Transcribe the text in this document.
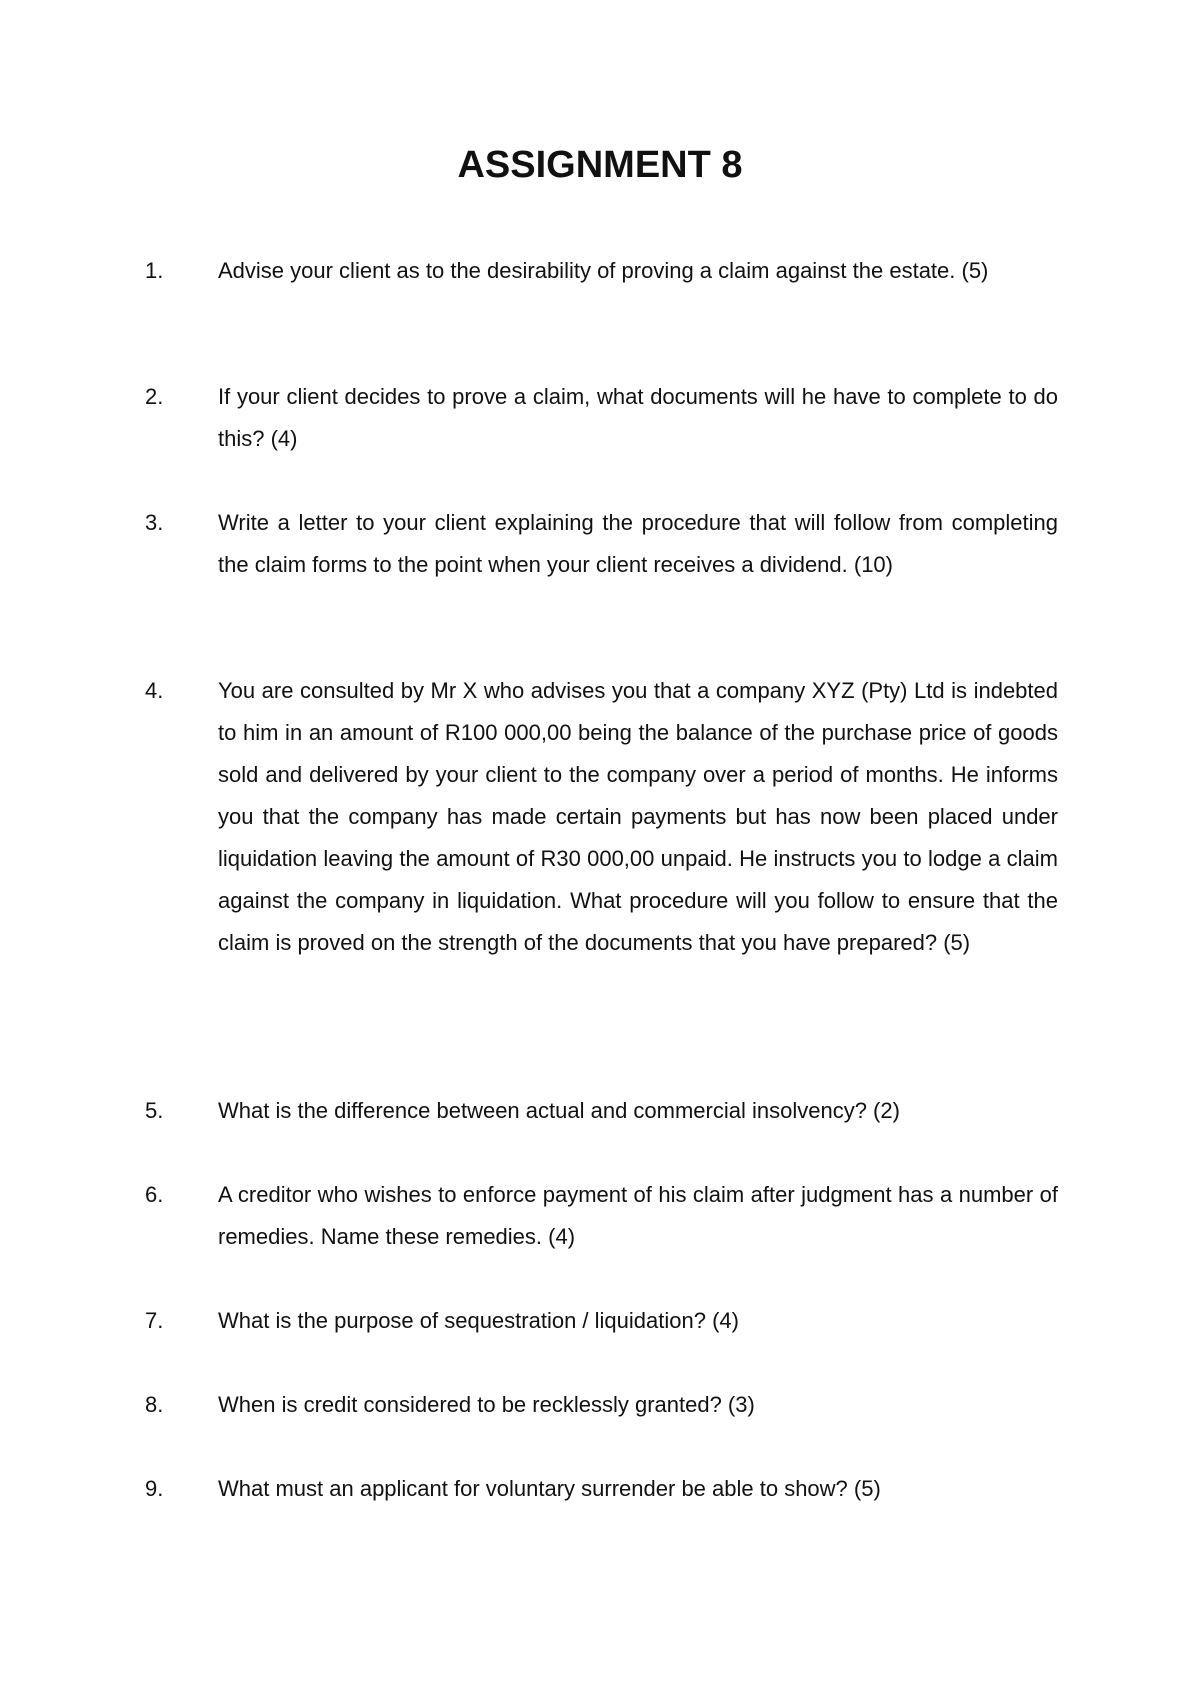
ASSIGNMENT 8
1. Advise your client as to the desirability of proving a claim against the estate. (5)

2. If your client decides to prove a claim, what documents will he have to complete to do this? (4)

3. Write a letter to your client explaining the procedure that will follow from completing the claim forms to the point when your client receives a dividend. (10)

4. You are consulted by Mr X who advises you that a company XYZ (Pty) Ltd is indebted to him in an amount of R100 000,00 being the balance of the purchase price of goods sold and delivered by your client to the company over a period of months. He informs you that the company has made certain payments but has now been placed under liquidation leaving the amount of R30 000,00 unpaid. He instructs you to lodge a claim against the company in liquidation. What procedure will you follow to ensure that the claim is proved on the strength of the documents that you have prepared? (5)

5. What is the difference between actual and commercial insolvency? (2)

6. A creditor who wishes to enforce payment of his claim after judgment has a number of remedies. Name these remedies. (4)

7. What is the purpose of sequestration / liquidation? (4)

8. When is credit considered to be recklessly granted? (3)

9. What must an applicant for voluntary surrender be able to show? (5)
